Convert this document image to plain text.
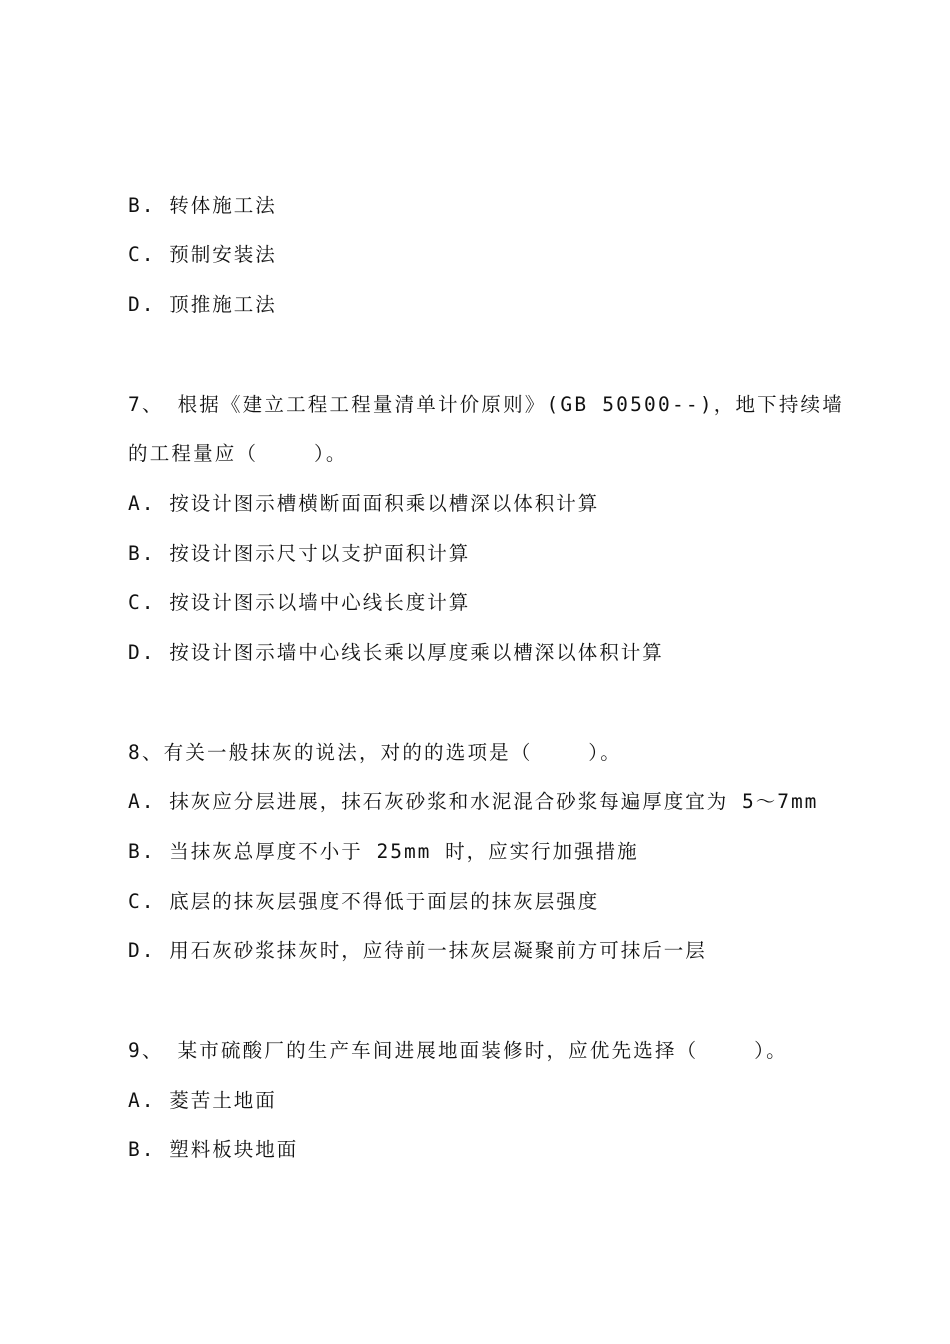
B. 转体施工法
C. 预制安装法
D. 顶推施工法
7、 根据《建立工程工程量清单计价原则》(GB 50500--)，地下持续墙
的工程量应（    ）。
A. 按设计图示槽横断面面积乘以槽深以体积计算
B. 按设计图示尺寸以支护面积计算
C. 按设计图示以墙中心线长度计算
D. 按设计图示墙中心线长乘以厚度乘以槽深以体积计算
8、有关一般抹灰的说法，对的的选项是（    ）。
A. 抹灰应分层进展，抹石灰砂浆和水泥混合砂浆每遍厚度宜为 5～7mm
B. 当抹灰总厚度不小于 25mm 时，应实行加强措施
C. 底层的抹灰层强度不得低于面层的抹灰层强度
D. 用石灰砂浆抹灰时，应待前一抹灰层凝聚前方可抹后一层
9、 某市硫酸厂的生产车间进展地面装修时，应优先选择（    ）。
A. 菱苦土地面
B. 塑料板块地面
